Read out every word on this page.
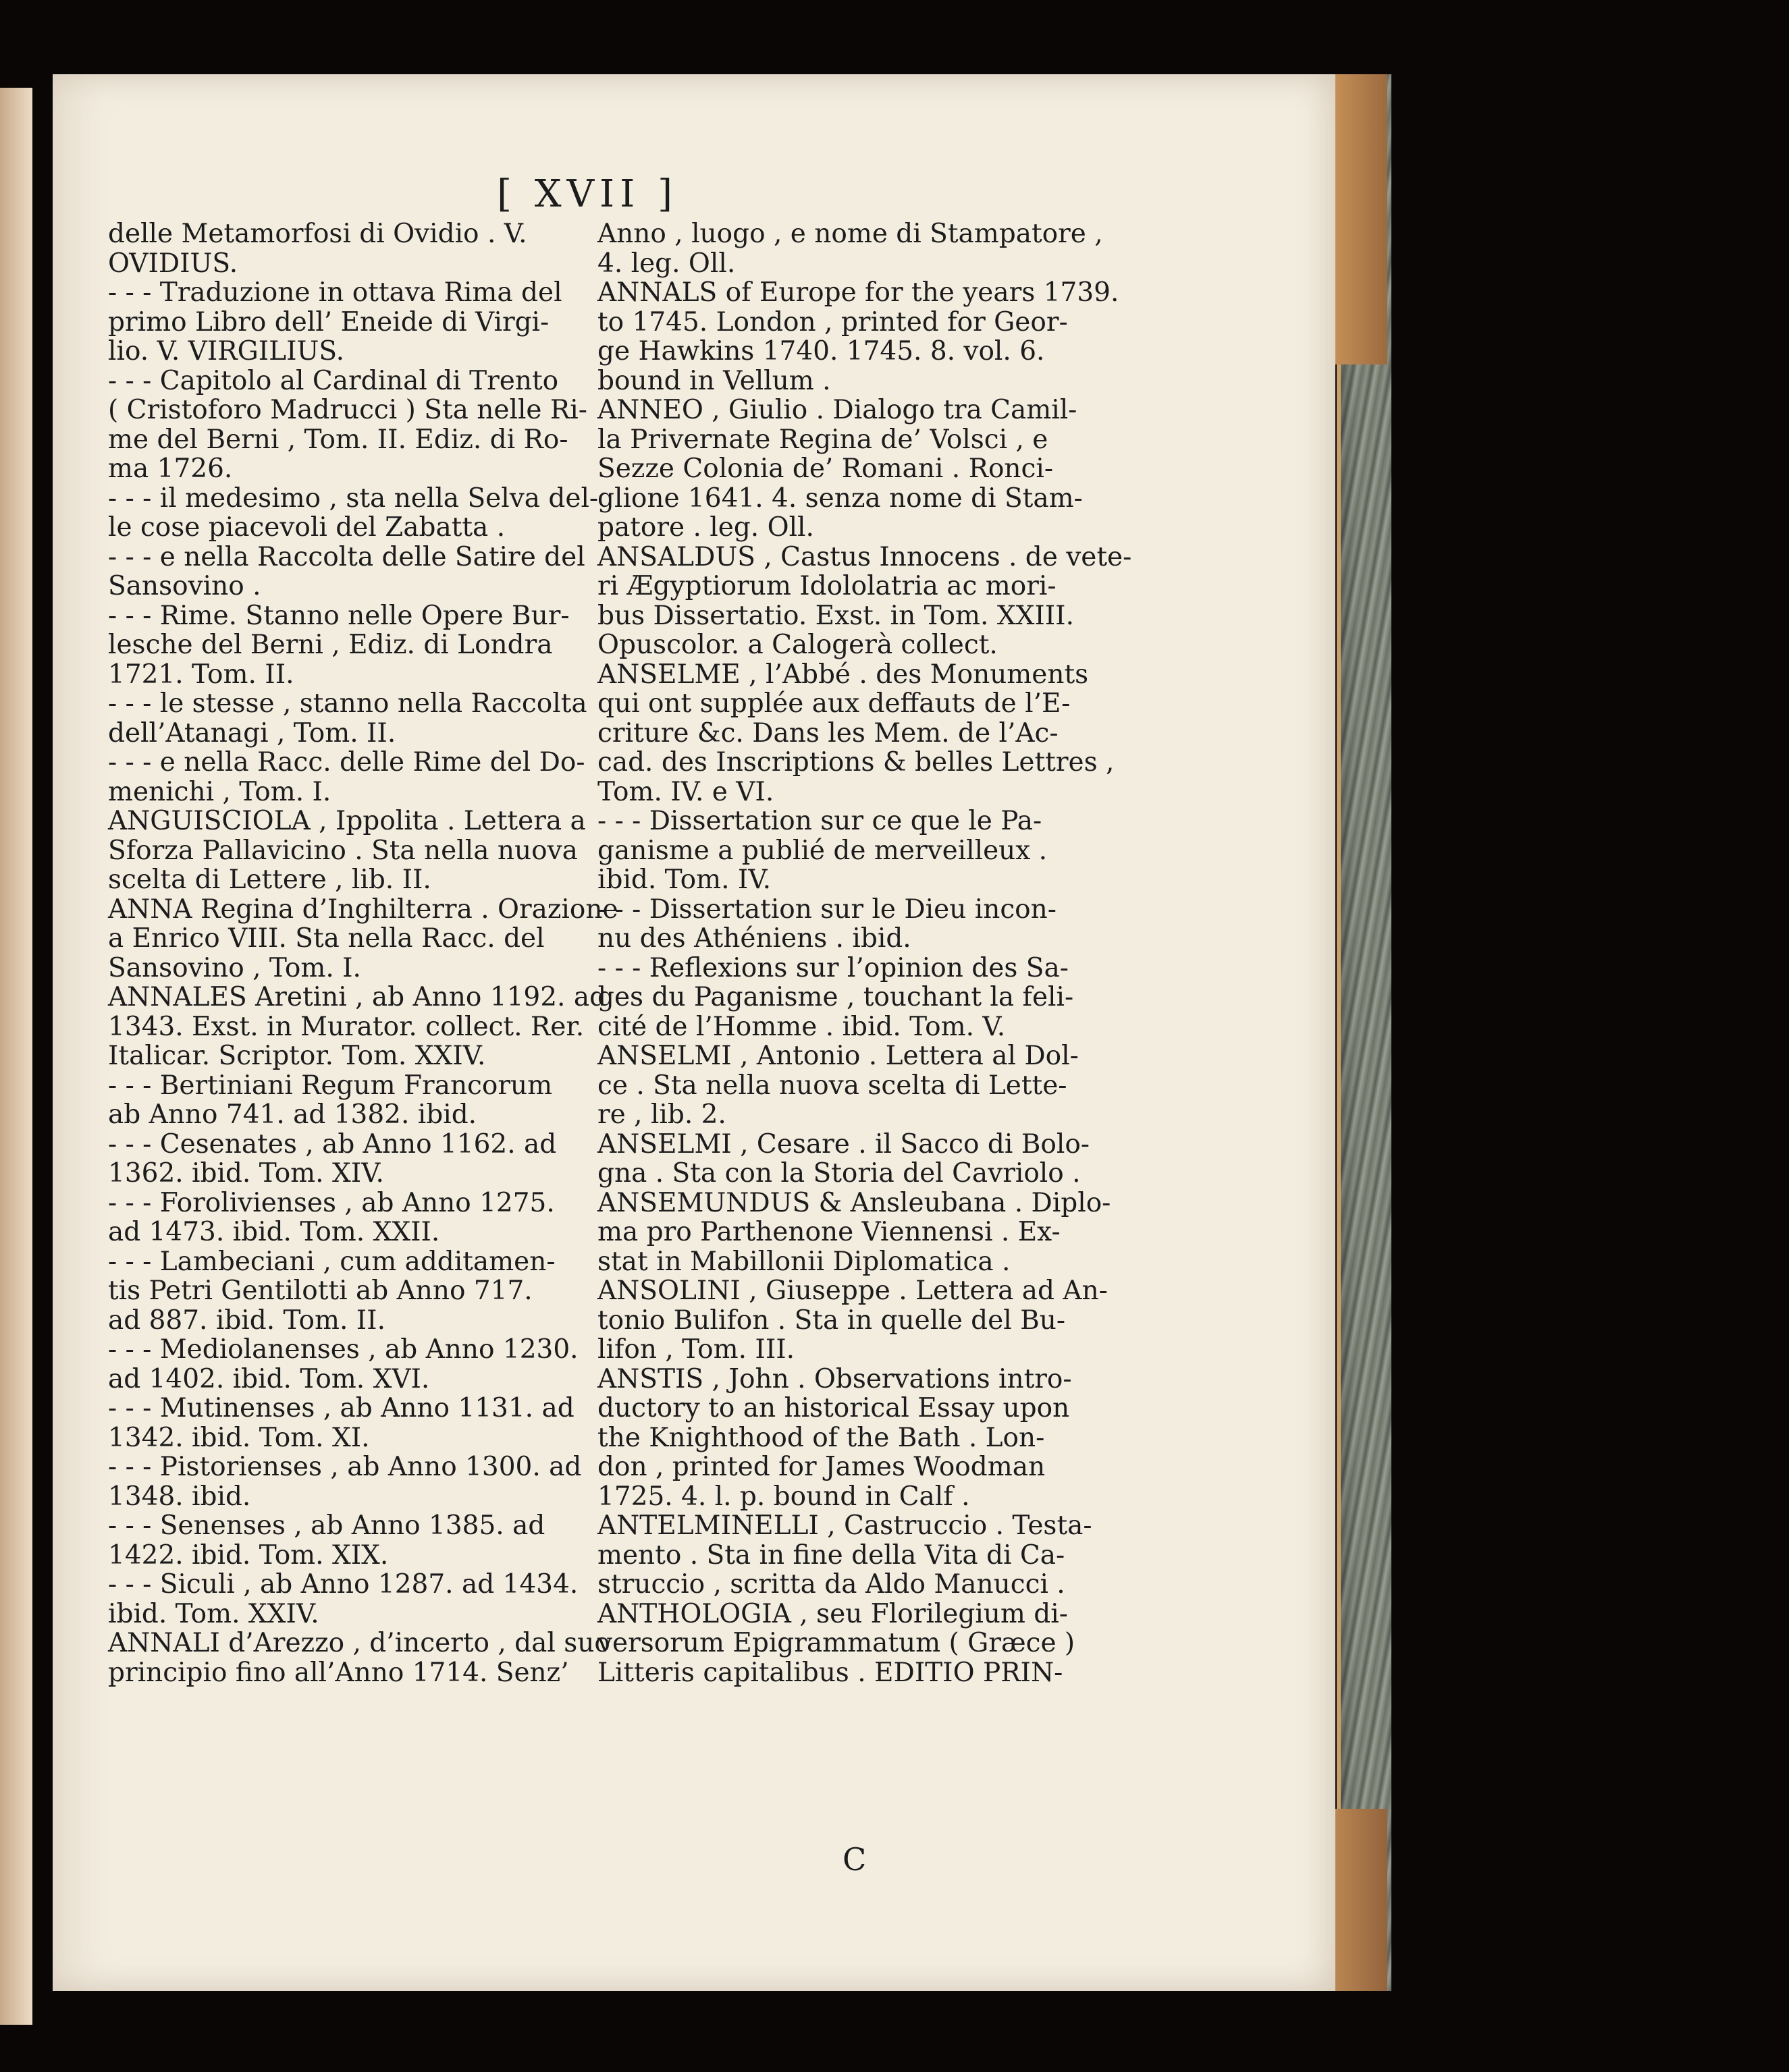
[ XVII ]
delle Metamorfosi di Ovidio . V.
OVIDIUS.
- - - Traduzione in ottava Rima del
primo Libro dell’ Eneide di Virgi-
lio. V. VIRGILIUS.
- - - Capitolo al Cardinal di Trento
( Cristoforo Madrucci ) Sta nelle Ri-
me del Berni , Tom. II. Ediz. di Ro-
ma 1726.
- - - il medesimo , sta nella Selva del-
le cose piacevoli del Zabatta .
- - - e nella Raccolta delle Satire del
Sansovino .
- - - Rime. Stanno nelle Opere Bur-
lesche del Berni , Ediz. di Londra
1721. Tom. II.
- - - le stesse , stanno nella Raccolta
dell’Atanagi , Tom. II.
- - - e nella Racc. delle Rime del Do-
menichi , Tom. I.
ANGUISCIOLA , Ippolita . Lettera a
Sforza Pallavicino . Sta nella nuova
scelta di Lettere , lib. II.
ANNA Regina d’Inghilterra . Orazione
a Enrico VIII. Sta nella Racc. del
Sansovino , Tom. I.
ANNALES Aretini , ab Anno 1192. ad
1343. Exst. in Murator. collect. Rer.
Italicar. Scriptor. Tom. XXIV.
- - - Bertiniani Regum Francorum
ab Anno 741. ad 1382. ibid.
- - - Cesenates , ab Anno 1162. ad
1362. ibid. Tom. XIV.
- - - Forolivienses , ab Anno 1275.
ad 1473. ibid. Tom. XXII.
- - - Lambeciani , cum additamen-
tis Petri Gentilotti ab Anno 717.
ad 887. ibid. Tom. II.
- - - Mediolanenses , ab Anno 1230.
ad 1402. ibid. Tom. XVI.
- - - Mutinenses , ab Anno 1131. ad
1342. ibid. Tom. XI.
- - - Pistorienses , ab Anno 1300. ad
1348. ibid.
- - - Senenses , ab Anno 1385. ad
1422. ibid. Tom. XIX.
- - - Siculi , ab Anno 1287. ad 1434.
ibid. Tom. XXIV.
ANNALI d’Arezzo , d’incerto , dal suo
principio fino all’Anno 1714. Senz’
Anno , luogo , e nome di Stampatore ,
4. leg. Oll.
ANNALS of Europe for the years 1739.
to 1745. London , printed for Geor-
ge Hawkins 1740. 1745. 8. vol. 6.
bound in Vellum .
ANNEO , Giulio . Dialogo tra Camil-
la Privernate Regina de’ Volsci , e
Sezze Colonia de’ Romani . Ronci-
glione 1641. 4. senza nome di Stam-
patore . leg. Oll.
ANSALDUS , Castus Innocens . de vete-
ri Ægyptiorum Idololatria ac mori-
bus Dissertatio. Exst. in Tom. XXIII.
Opuscolor. a Calogerà collect.
ANSELME , l’Abbé . des Monuments
qui ont supplée aux deffauts de l’E-
criture &c. Dans les Mem. de l’Ac-
cad. des Inscriptions & belles Lettres ,
Tom. IV. e VI.
- - - Dissertation sur ce que le Pa-
ganisme a publié de merveilleux .
ibid. Tom. IV.
- - - Dissertation sur le Dieu incon-
nu des Athéniens . ibid.
- - - Reflexions sur l’opinion des Sa-
ges du Paganisme , touchant la feli-
cité de l’Homme . ibid. Tom. V.
ANSELMI , Antonio . Lettera al Dol-
ce . Sta nella nuova scelta di Lette-
re , lib. 2.
ANSELMI , Cesare . il Sacco di Bolo-
gna . Sta con la Storia del Cavriolo .
ANSEMUNDUS & Ansleubana . Diplo-
ma pro Parthenone Viennensi . Ex-
stat in Mabillonii Diplomatica .
ANSOLINI , Giuseppe . Lettera ad An-
tonio Bulifon . Sta in quelle del Bu-
lifon , Tom. III.
ANSTIS , John . Observations intro-
ductory to an historical Essay upon
the Knighthood of the Bath . Lon-
don , printed for James Woodman
1725. 4. l. p. bound in Calf .
ANTELMINELLI , Castruccio . Testa-
mento . Sta in fine della Vita di Ca-
struccio , scritta da Aldo Manucci .
ANTHOLOGIA , seu Florilegium di-
versorum Epigrammatum ( Græce )
Litteris capitalibus . EDITIO PRIN-
C
